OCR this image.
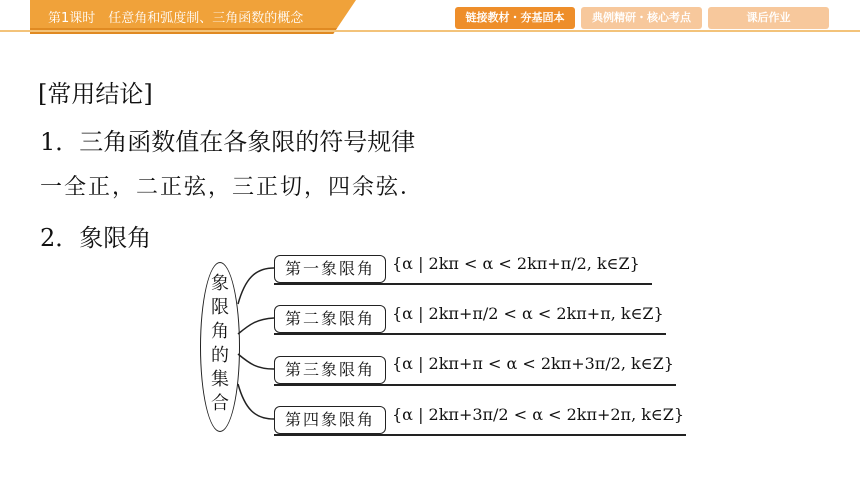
第1课时　任意角和弧度制、三角函数的概念	链接教材・夯基固本	典例精研・核心考点	课后作业
[常用结论]
1．三角函数值在各象限的符号规律
一全正，二正弦，三正切，四余弦．
2．象限角
象
限
角
的
集
合
第一象限角	{α | 2kπ < α < 2kπ+π/2, k∈Z}
第二象限角	{α | 2kπ+π/2 < α < 2kπ+π, k∈Z}
第三象限角	{α | 2kπ+π < α < 2kπ+3π/2, k∈Z}
第四象限角	{α | 2kπ+3π/2 < α < 2kπ+2π, k∈Z}
